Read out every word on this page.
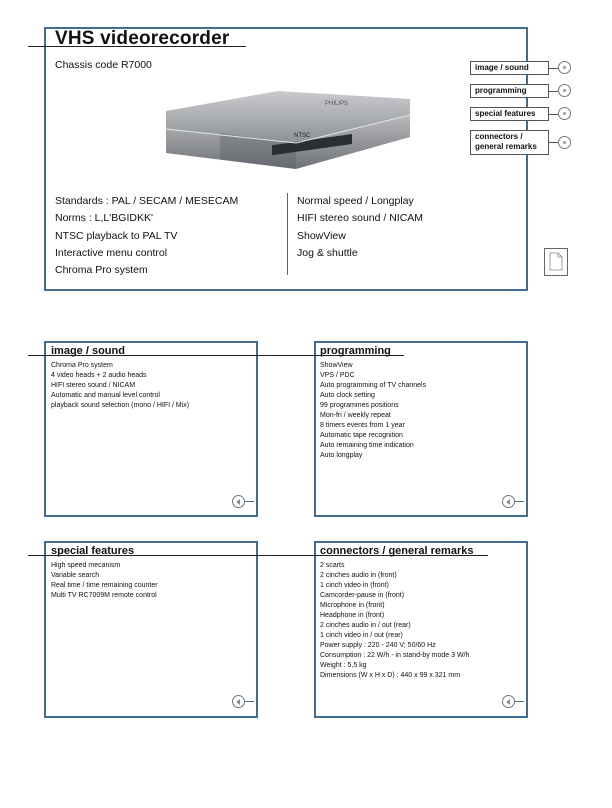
VHS videorecorder
Chassis code R7000
PHILIPS
NTSC
Standards : PAL / SECAM / MESECAM
Norms : L,L'BGIDKK'
NTSC playback to PAL TV
Interactive menu control
Chroma Pro system
Normal speed / Longplay
HIFI stereo sound / NICAM
ShowView
Jog & shuttle
image / sound
programming
special features
connectors / general remarks
image / sound
Chroma Pro system
4 video heads + 2 audio heads
HIFI stereo sound / NICAM
Automatic and manual level control
playback sound selection (mono / HIFI / Mix)
programming
ShowView
VPS / PDC
Auto programming of TV channels
Auto clock setting
99 programmes positions
Mon-fri / weekly repeat
8 timers events from 1 year
Automatic tape recognition
Auto remaining time indication
Auto longplay
special features
High speed mecanism
Variable search
Real time / time remaining counter
Multi TV RC7009M remote control
connectors / general remarks
2 scarts
2 cinches audio in (front)
1 cinch video in (front)
Camcorder-pause in (front)
Microphone in (front)
Headphone in (front)
2 cinches audio in / out (rear)
1 cinch video in / out (rear)
Power supply : 220 - 240 V; 50/60 Hz
Consumption : 22 W/h - in stand-by mode 3 W/h
Weight : 5,5 kg
Dimensions (W x H x D) : 440 x 99 x 321 mm
